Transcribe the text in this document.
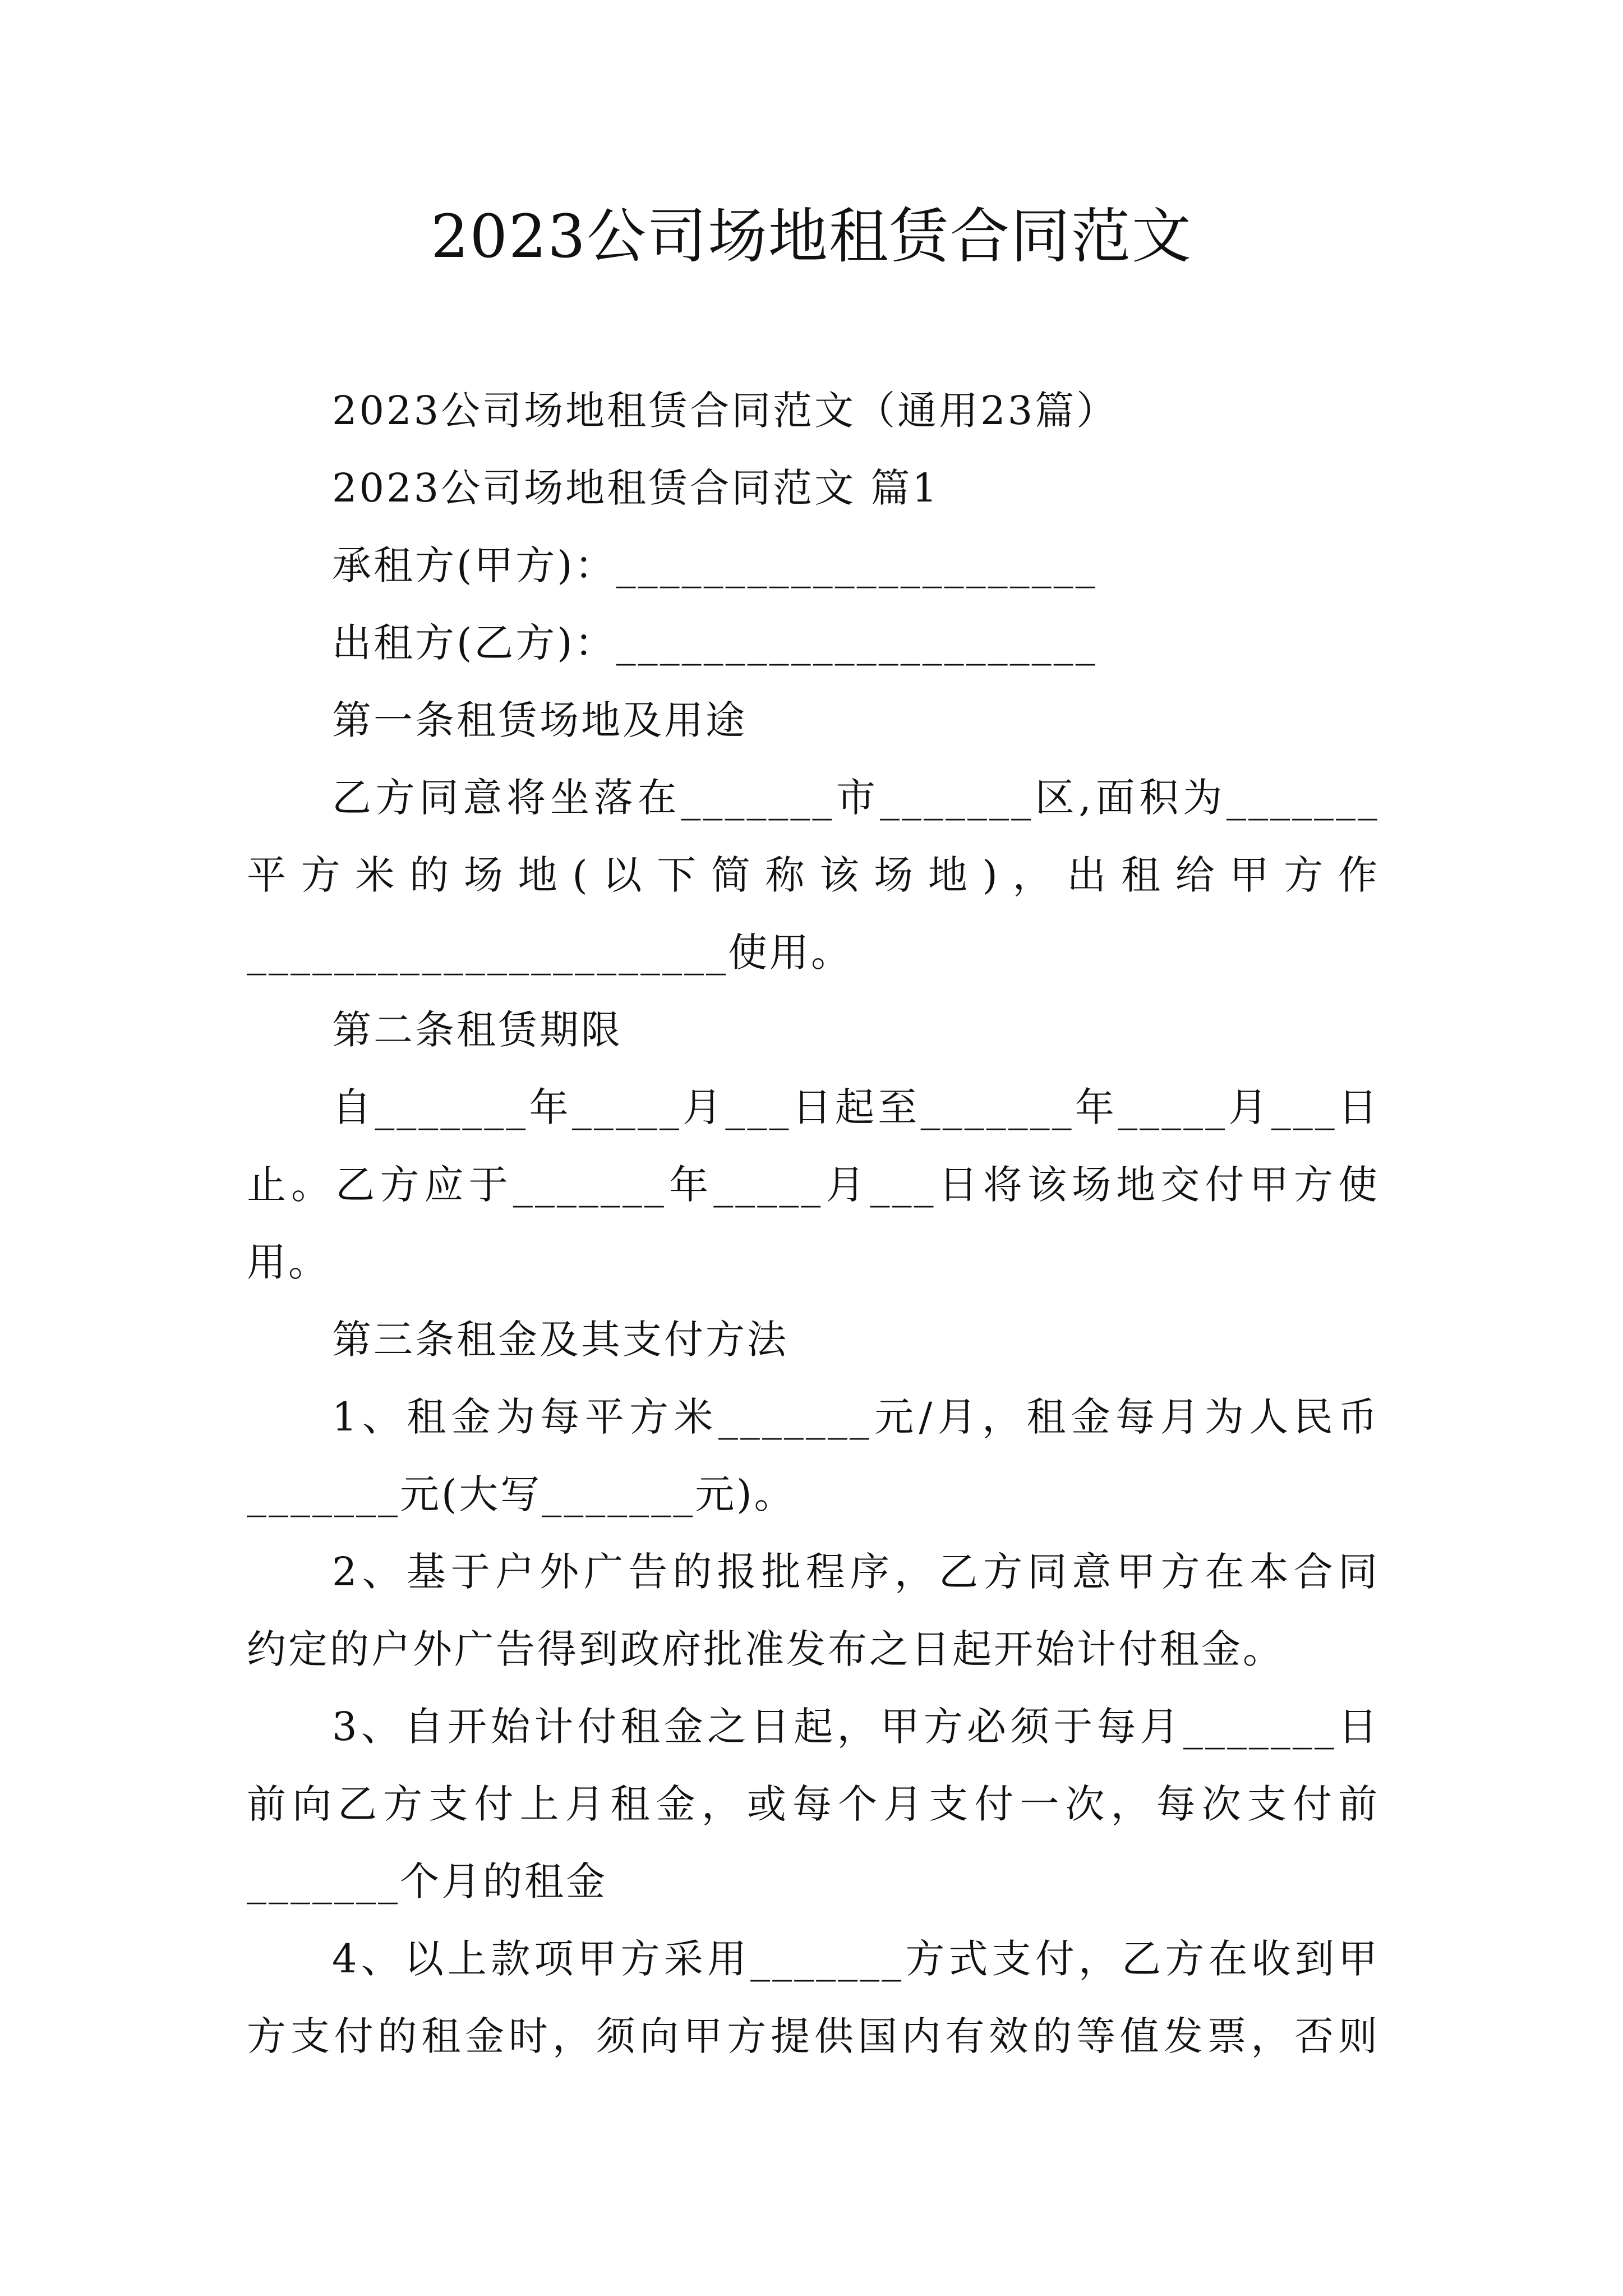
2023公司场地租赁合同范文
2023公司场地租赁合同范文（通用23篇）
2023公司场地租赁合同范文 篇1
承租方(甲方)：______________________
出租方(乙方)：______________________
第一条租赁场地及用途
乙方同意将坐落在_______市_______区,面积为_______
平方米的场地(以下简称该场地)，出租给甲方作
______________________使用。
第二条租赁期限
自_______年_____月___日起至_______年_____月___日
止。乙方应于_______年_____月___日将该场地交付甲方使
用。
第三条租金及其支付方法
1、租金为每平方米_______元/月，租金每月为人民币
_______元(大写_______元)。
2、基于户外广告的报批程序，乙方同意甲方在本合同
约定的户外广告得到政府批准发布之日起开始计付租金。
3、自开始计付租金之日起，甲方必须于每月_______日
前向乙方支付上月租金，或每个月支付一次，每次支付前
_______个月的租金
4、以上款项甲方采用_______方式支付，乙方在收到甲
方支付的租金时，须向甲方提供国内有效的等值发票，否则
